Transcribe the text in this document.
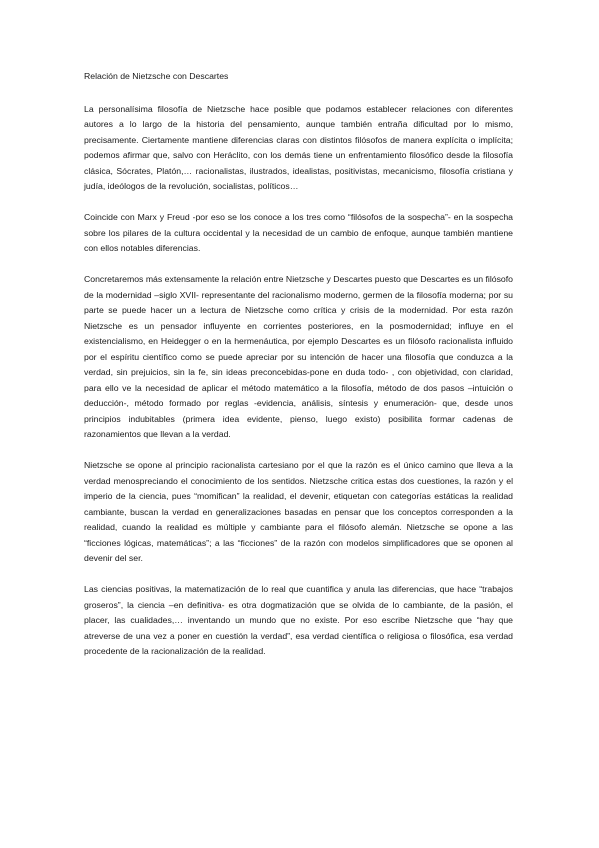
Relación de Nietzsche con Descartes

La personalísima filosofía de Nietzsche hace posible que podamos establecer relaciones con diferentes autores a lo largo de la historia del pensamiento, aunque también entraña dificultad por lo mismo, precisamente. Ciertamente mantiene diferencias claras con distintos filósofos de manera explícita o implícita; podemos afirmar que, salvo con Heráclito, con los demás tiene un enfrentamiento filosófico desde la filosofía clásica, Sócrates, Platón,… racionalistas, ilustrados, idealistas, positivistas, mecanicismo, filosofía cristiana y judía, ideólogos de la revolución, socialistas, políticos…

Coincide con Marx y Freud -por eso se los conoce a los tres como “filósofos de la sospecha”- en la sospecha sobre los pilares de la cultura occidental y la necesidad de un cambio de enfoque, aunque también mantiene con ellos notables diferencias.

Concretaremos más extensamente la relación entre Nietzsche y Descartes puesto que Descartes es un filósofo de la modernidad –siglo XVII- representante del racionalismo moderno, germen de la filosofía moderna; por su parte se puede hacer un a lectura de Nietzsche como crítica y crisis de la modernidad. Por esta razón Nietzsche es un pensador influyente en corrientes posteriores, en la posmodernidad; influye en el existencialismo, en Heidegger o en la hermenáutica, por ejemplo Descartes es un filósofo racionalista influido por el espíritu científico como se puede apreciar por su intención de hacer una filosofía que conduzca a la verdad, sin prejuicios, sin la fe, sin ideas preconcebidas-pone en duda todo- , con objetividad, con claridad, para ello ve la necesidad de aplicar el método matemático a la filosofía, método de dos pasos –intuición o deducción-, método formado por reglas -evidencia, análisis, síntesis y enumeración- que, desde unos principios indubitables (primera idea evidente, pienso, luego existo) posibilita formar cadenas de razonamientos que llevan a la verdad.

Nietzsche se opone al principio racionalista cartesiano por el que la razón es el único camino que lleva a la verdad menospreciando el conocimiento de los sentidos. Nietzsche critica estas dos cuestiones, la razón y el imperio de la ciencia, pues “momifican” la realidad, el devenir, etiquetan con categorías estáticas la realidad cambiante, buscan la verdad en generalizaciones basadas en pensar que los conceptos corresponden a la realidad, cuando la realidad es múltiple y cambiante para el filósofo alemán. Nietzsche se opone a las “ficciones lógicas, matemáticas”; a las “ficciones” de la razón con modelos simplificadores que se oponen al devenir del ser.

Las ciencias positivas, la matematización de lo real que cuantifica y anula las diferencias, que hace “trabajos groseros”, la ciencia –en definitiva- es otra dogmatización que se olvida de lo cambiante, de la pasión, el placer, las cualidades,… inventando un mundo que no existe. Por eso escribe Nietzsche que “hay que atreverse de una vez a poner en cuestión la verdad”, esa verdad científica o religiosa o filosófica, esa verdad procedente de la racionalización de la realidad.
